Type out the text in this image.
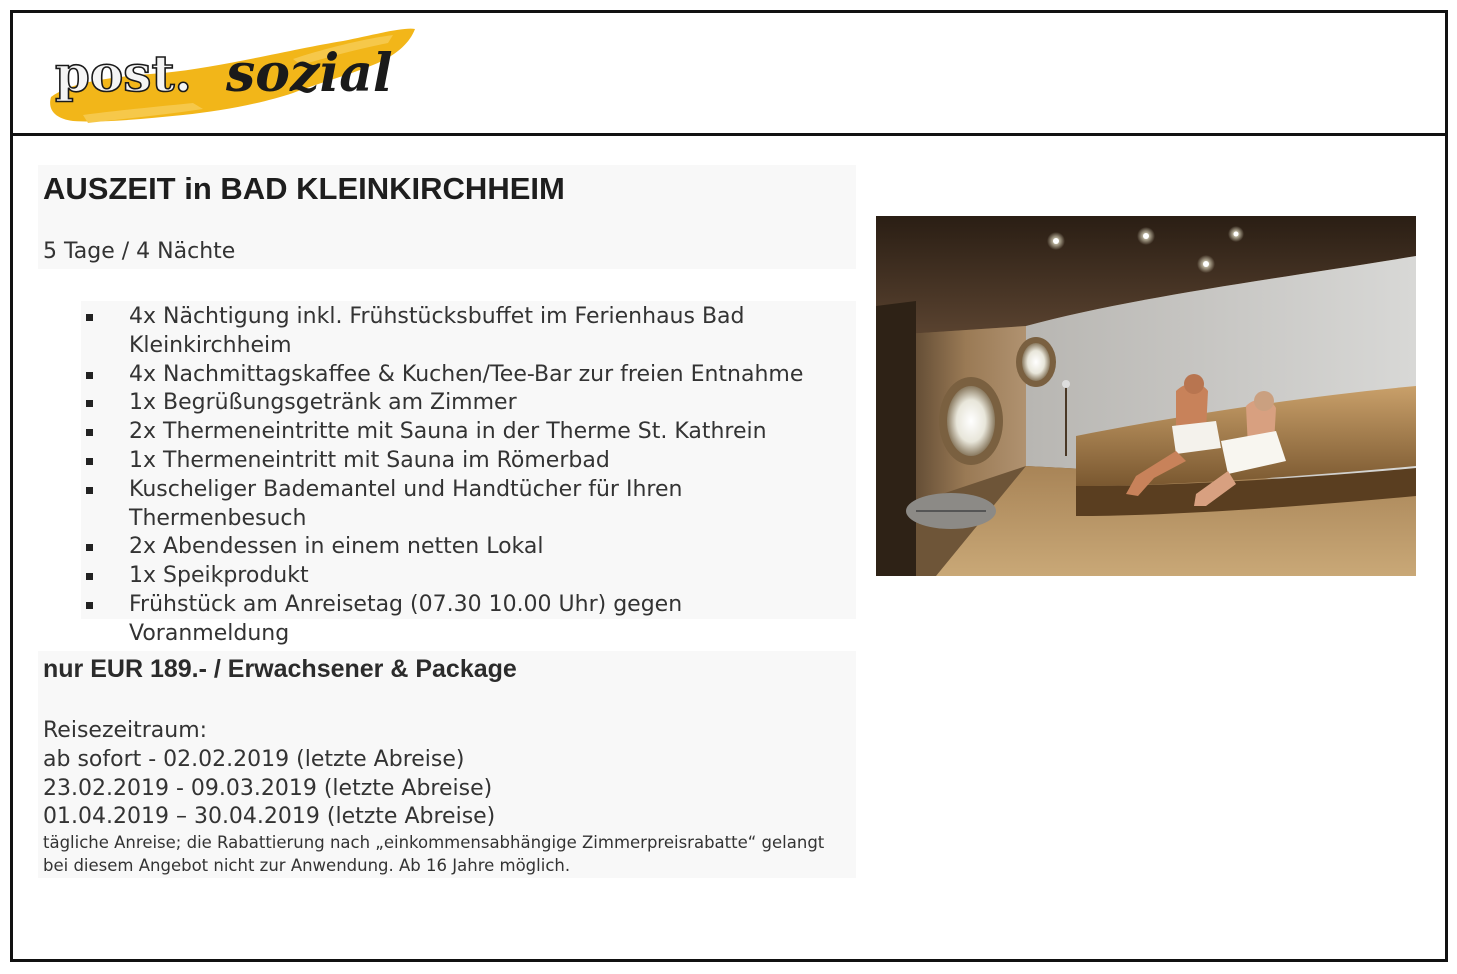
post. sozial
AUSZEIT in BAD KLEINKIRCHHEIM
5 Tage / 4 Nächte
4x Nächtigung inkl. Frühstücksbuffet im Ferienhaus Bad Kleinkirchheim
4x Nachmittagskaffee & Kuchen/Tee-Bar zur freien Entnahme
1x Begrüßungsgetränk am Zimmer
2x Thermeneintritte mit Sauna in der Therme St. Kathrein
1x Thermeneintritt mit Sauna im Römerbad
Kuscheliger Bademantel und Handtücher für Ihren Thermenbesuch
2x Abendessen in einem netten Lokal
1x Speikprodukt
Frühstück am Anreisetag (07.30 10.00 Uhr) gegen Voranmeldung
nur EUR 189.- / Erwachsener & Package
Reisezeitraum:
ab sofort - 02.02.2019 (letzte Abreise)
23.02.2019 - 09.03.2019 (letzte Abreise)
01.04.2019 – 30.04.2019 (letzte Abreise)
tägliche Anreise; die Rabattierung nach „einkommensabhängige Zimmerpreisrabatte“ gelangt bei diesem Angebot nicht zur Anwendung. Ab 16 Jahre möglich.
